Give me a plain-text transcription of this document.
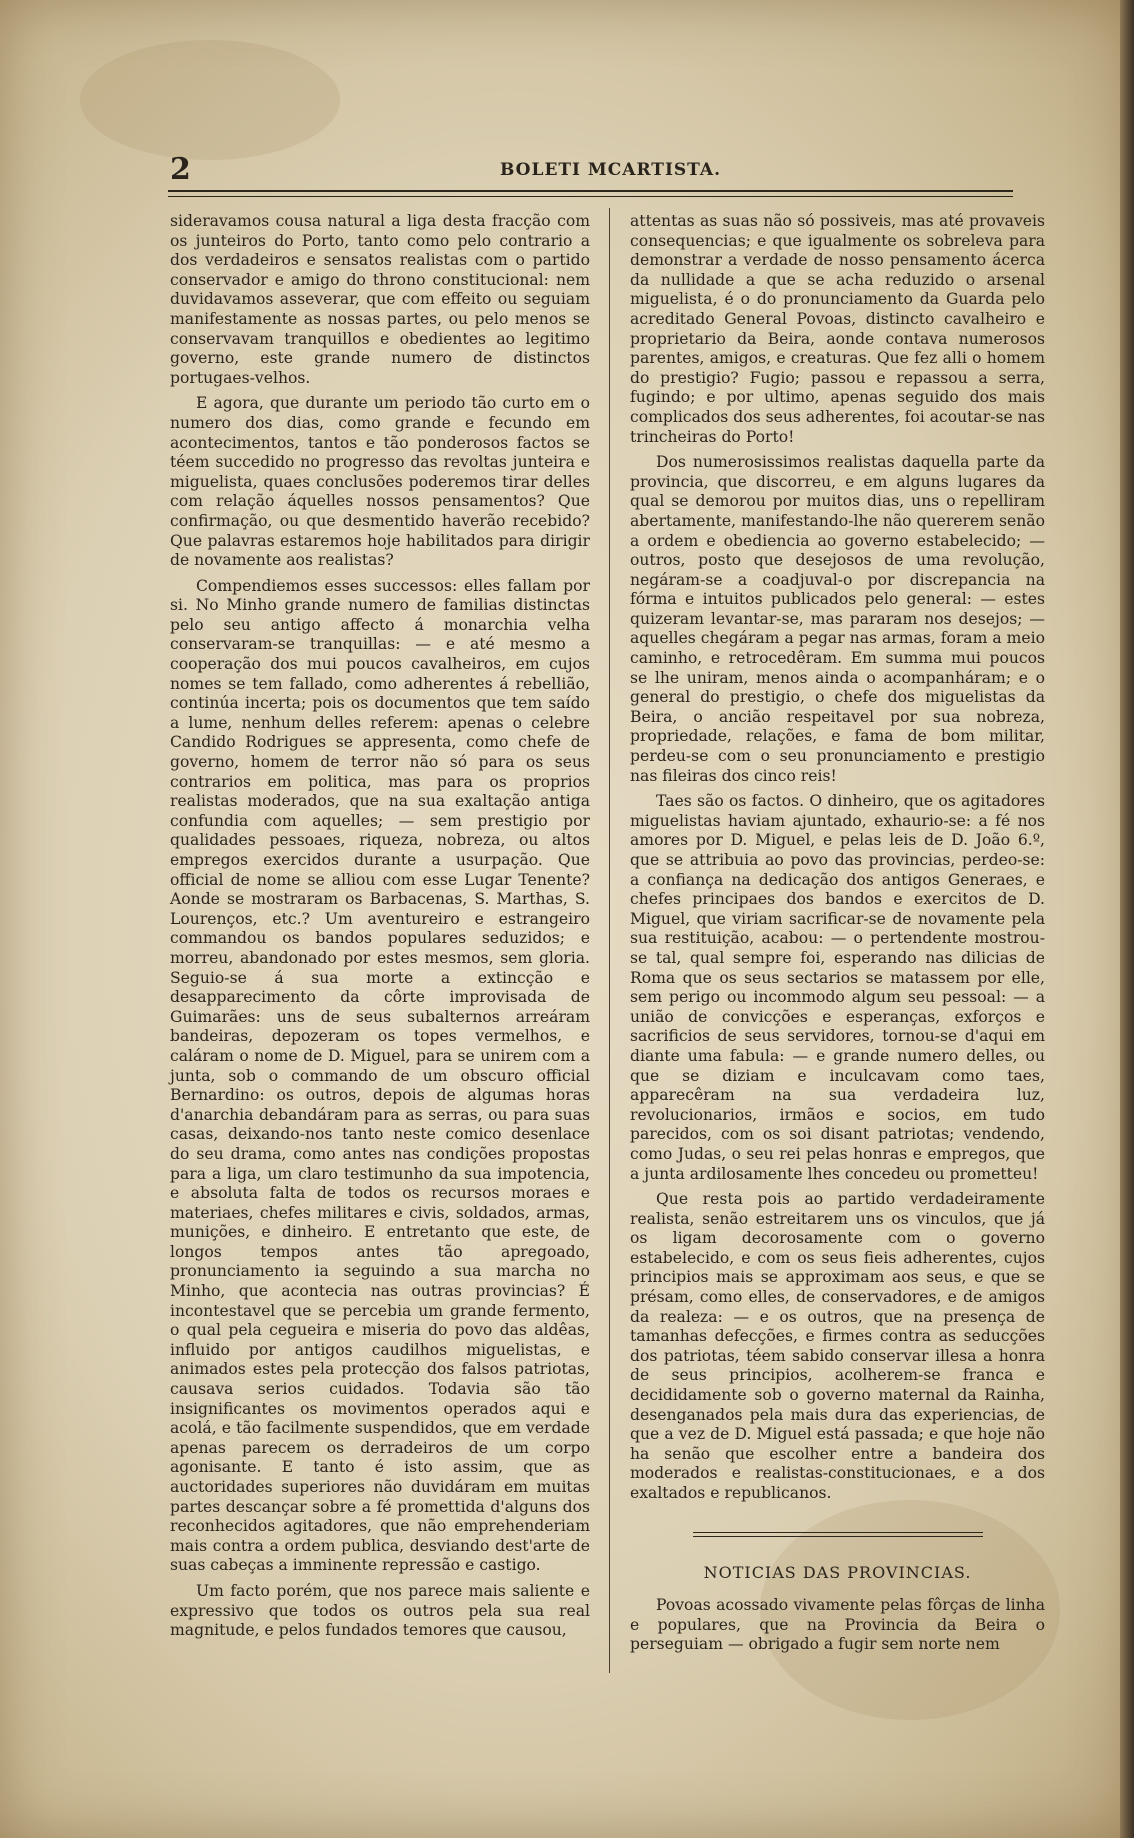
2	BOLETI MCARTISTA.

sideravamos cousa natural a liga desta fracção com os junteiros do Porto, tanto como pelo contrario a dos verdadeiros e sensatos realistas com o partido conservador e amigo do throno constitucional: nem duvidavamos asseverar, que com effeito ou seguiam manifestamente as nossas partes, ou pelo menos se conservavam tranquillos e obedientes ao legitimo governo, este grande numero de distinctos portugaes-velhos.

E agora, que durante um periodo tão curto em o numero dos dias, como grande e fecundo em acontecimentos, tantos e tão ponderosos factos se téem succedido no progresso das revoltas junteira e miguelista, quaes conclusões poderemos tirar delles com relação áquelles nossos pensamentos? Que confirmação, ou que desmentido haverão recebido? Que palavras estaremos hoje habilitados para dirigir de novamente aos realistas?

Compendiemos esses successos: elles fallam por si. No Minho grande numero de familias distinctas pelo seu antigo affecto á monarchia velha conservaram-se tranquillas: — e até mesmo a cooperação dos mui poucos cavalheiros, em cujos nomes se tem fallado, como adherentes á rebellião, continúa incerta; pois os documentos que tem saído a lume, nenhum delles referem: apenas o celebre Candido Rodrigues se appresenta, como chefe de governo, homem de terror não só para os seus contrarios em politica, mas para os proprios realistas moderados, que na sua exaltação antiga confundia com aquelles; — sem prestigio por qualidades pessoaes, riqueza, nobreza, ou altos empregos exercidos durante a usurpação. Que official de nome se alliou com esse Lugar Tenente? Aonde se mostraram os Barbacenas, S. Marthas, S. Lourenços, etc.? Um aventureiro e estrangeiro commandou os bandos populares seduzidos; e morreu, abandonado por estes mesmos, sem gloria. Seguio-se á sua morte a extincção e desapparecimento da côrte improvisada de Guimarães: uns de seus subalternos arreáram bandeiras, depozeram os topes vermelhos, e caláram o nome de D. Miguel, para se unirem com a junta, sob o commando de um obscuro official Bernardino: os outros, depois de algumas horas d'anarchia debandáram para as serras, ou para suas casas, deixando-nos tanto neste comico desenlace do seu drama, como antes nas condições propostas para a liga, um claro testimunho da sua impotencia, e absoluta falta de todos os recursos moraes e materiaes, chefes militares e civis, soldados, armas, munições, e dinheiro. E entretanto que este, de longos tempos antes tão apregoado, pronunciamento ia seguindo a sua marcha no Minho, que acontecia nas outras provincias? É incontestavel que se percebia um grande fermento, o qual pela cegueira e miseria do povo das aldêas, influido por antigos caudilhos miguelistas, e animados estes pela protecção dos falsos patriotas, causava serios cuidados. Todavia são tão insignificantes os movimentos operados aqui e acolá, e tão facilmente suspendidos, que em verdade apenas parecem os derradeiros de um corpo agonisante. E tanto é isto assim, que as auctoridades superiores não duvidáram em muitas partes descançar sobre a fé promettida d'alguns dos reconhecidos agitadores, que não emprehenderiam mais contra a ordem publica, desviando dest'arte de suas cabeças a imminente repressão e castigo.

Um facto porém, que nos parece mais saliente e expressivo que todos os outros pela sua real magnitude, e pelos fundados temores que causou,

attentas as suas não só possiveis, mas até provaveis consequencias; e que igualmente os sobreleva para demonstrar a verdade de nosso pensamento ácerca da nullidade a que se acha reduzido o arsenal miguelista, é o do pronunciamento da Guarda pelo acreditado General Povoas, distincto cavalheiro e proprietario da Beira, aonde contava numerosos parentes, amigos, e creaturas. Que fez alli o homem do prestigio? Fugio; passou e repassou a serra, fugindo; e por ultimo, apenas seguido dos mais complicados dos seus adherentes, foi acoutar-se nas trincheiras do Porto!

Dos numerosissimos realistas daquella parte da provincia, que discorreu, e em alguns lugares da qual se demorou por muitos dias, uns o repelliram abertamente, manifestando-lhe não quererem senão a ordem e obediencia ao governo estabelecido; — outros, posto que desejosos de uma revolução, negáram-se a coadjuval-o por discrepancia na fórma e intuitos publicados pelo general: — estes quizeram levantar-se, mas pararam nos desejos; — aquelles chegáram a pegar nas armas, foram a meio caminho, e retrocedêram. Em summa mui poucos se lhe uniram, menos ainda o acompanháram; e o general do prestigio, o chefe dos miguelistas da Beira, o ancião respeitavel por sua nobreza, propriedade, relações, e fama de bom militar, perdeu-se com o seu pronunciamento e prestigio nas fileiras dos cinco reis!

Taes são os factos. O dinheiro, que os agitadores miguelistas haviam ajuntado, exhaurio-se: a fé nos amores por D. Miguel, e pelas leis de D. João 6.º, que se attribuia ao povo das provincias, perdeo-se: a confiança na dedicação dos antigos Generaes, e chefes principaes dos bandos e exercitos de D. Miguel, que viriam sacrificar-se de novamente pela sua restituição, acabou: — o pertendente mostrou-se tal, qual sempre foi, esperando nas dilicias de Roma que os seus sectarios se matassem por elle, sem perigo ou incommodo algum seu pessoal: — a união de convicções e esperanças, exforços e sacrificios de seus servidores, tornou-se d'aqui em diante uma fabula: — e grande numero delles, ou que se diziam e inculcavam como taes, apparecêram na sua verdadeira luz, revolucionarios, irmãos e socios, em tudo parecidos, com os soi disant patriotas; vendendo, como Judas, o seu rei pelas honras e empregos, que a junta ardilosamente lhes concedeu ou prometteu!

Que resta pois ao partido verdadeiramente realista, senão estreitarem uns os vinculos, que já os ligam decorosamente com o governo estabelecido, e com os seus fieis adherentes, cujos principios mais se approximam aos seus, e que se présam, como elles, de conservadores, e de amigos da realeza: — e os outros, que na presença de tamanhas defecções, e firmes contra as seducções dos patriotas, téem sabido conservar illesa a honra de seus principios, acolherem-se franca e decididamente sob o governo maternal da Rainha, desenganados pela mais dura das experiencias, de que a vez de D. Miguel está passada; e que hoje não ha senão que escolher entre a bandeira dos moderados e realistas-constitucionaes, e a dos exaltados e republicanos.

NOTICIAS DAS PROVINCIAS.

Povoas acossado vivamente pelas fôrças de linha e populares, que na Provincia da Beira o perseguiam — obrigado a fugir sem norte nem
